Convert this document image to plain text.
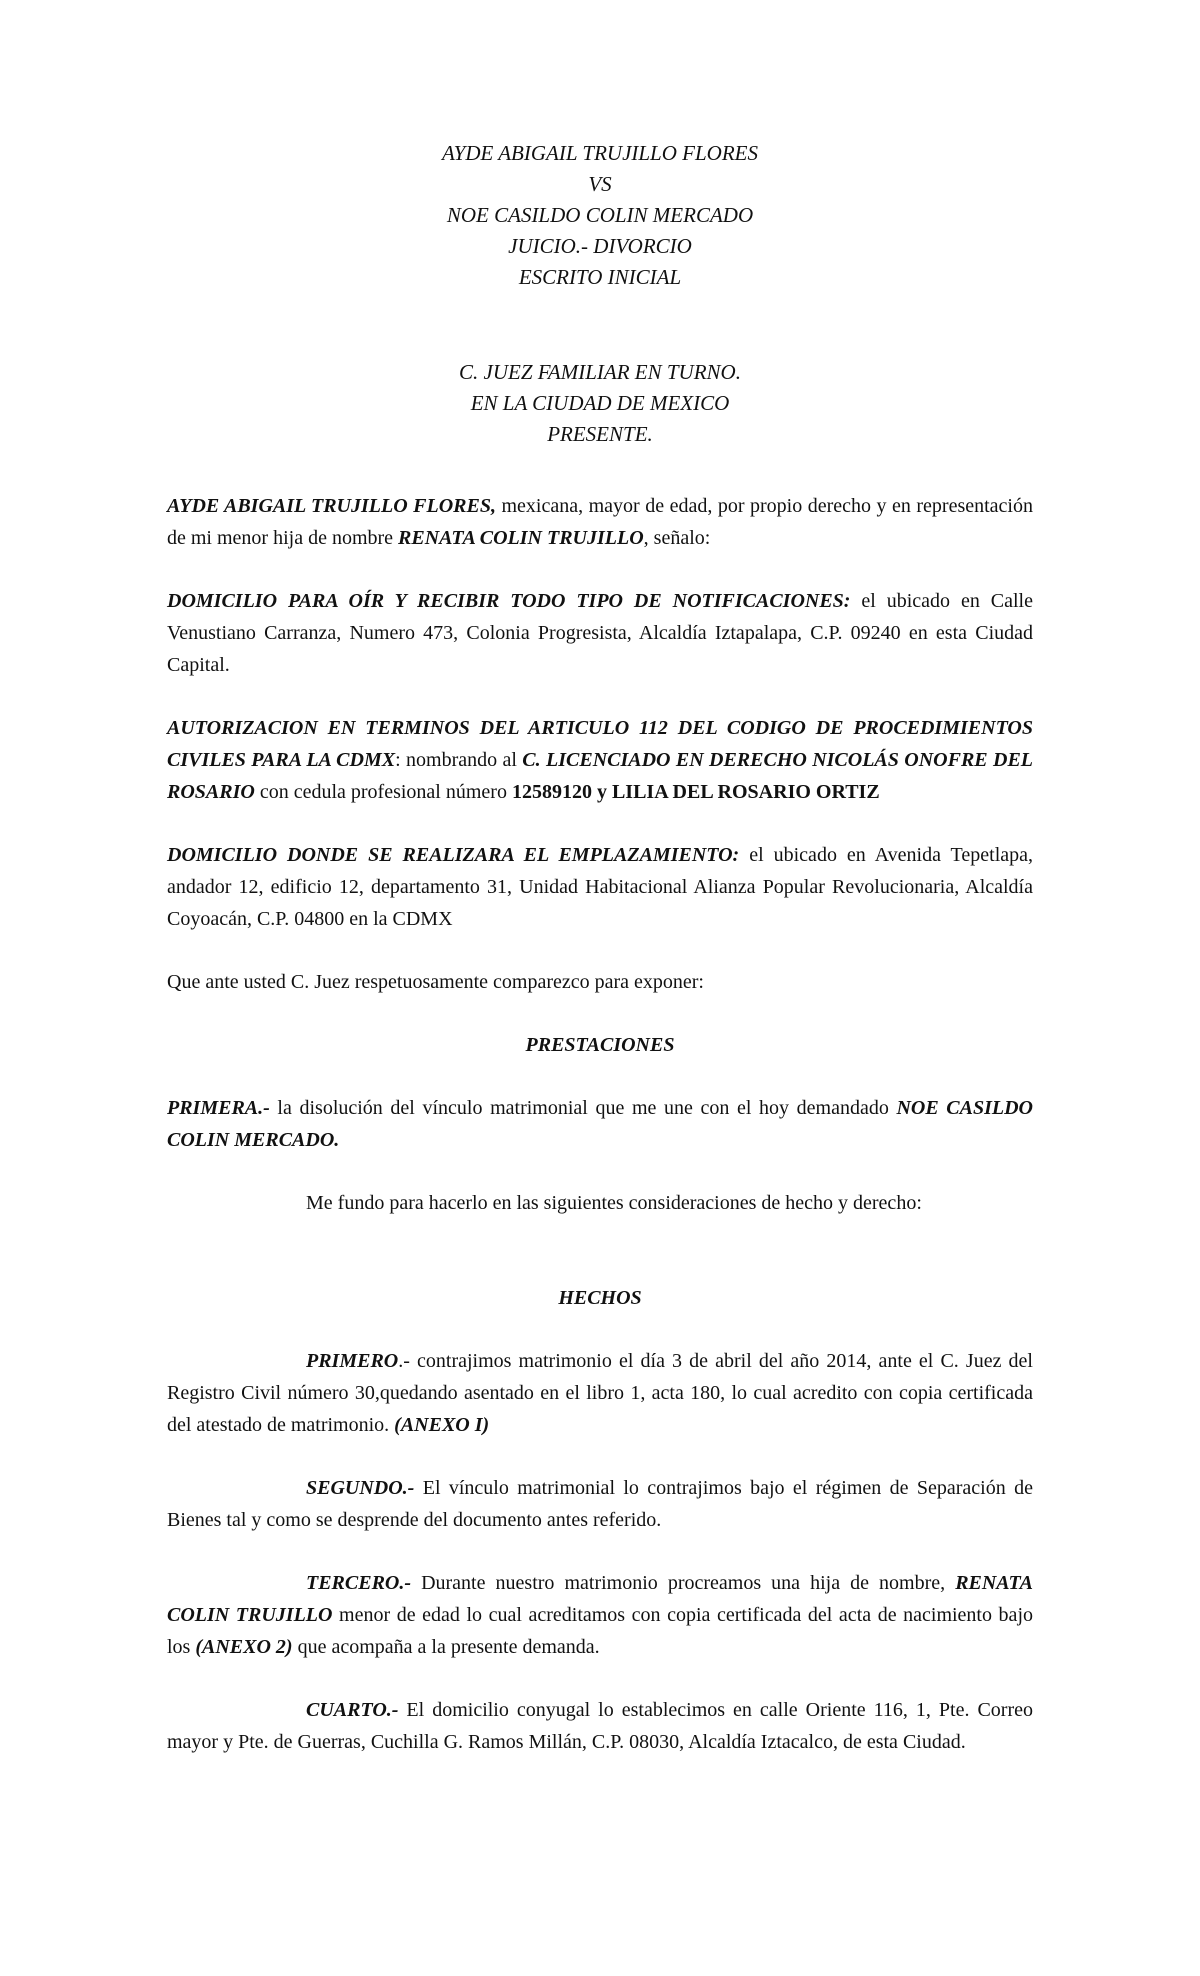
AYDE ABIGAIL TRUJILLO FLORES
VS
NOE CASILDO COLIN MERCADO
JUICIO.- DIVORCIO
ESCRITO INICIAL
C. JUEZ FAMILIAR EN TURNO.
EN LA CIUDAD DE MEXICO
PRESENTE.

AYDE ABIGAIL TRUJILLO FLORES, mexicana, mayor de edad, por propio derecho y en representación de mi menor hija de nombre RENATA COLIN TRUJILLO, señalo:

DOMICILIO PARA OÍR Y RECIBIR TODO TIPO DE NOTIFICACIONES: el ubicado en Calle Venustiano Carranza, Numero 473, Colonia Progresista, Alcaldía Iztapalapa, C.P. 09240 en esta Ciudad Capital.

AUTORIZACION EN TERMINOS DEL ARTICULO 112 DEL CODIGO DE PROCEDIMIENTOS CIVILES PARA LA CDMX: nombrando al C. LICENCIADO EN DERECHO NICOLÁS ONOFRE DEL ROSARIO con cedula profesional número 12589120 y LILIA DEL ROSARIO ORTIZ

DOMICILIO DONDE SE REALIZARA EL EMPLAZAMIENTO: el ubicado en Avenida Tepetlapa, andador 12, edificio 12, departamento 31, Unidad Habitacional Alianza Popular Revolucionaria, Alcaldía Coyoacán, C.P. 04800 en la CDMX

Que ante usted C. Juez respetuosamente comparezco para exponer:

PRESTACIONES

PRIMERA.- la disolución del vínculo matrimonial que me une con el hoy demandado NOE CASILDO COLIN MERCADO.

Me fundo para hacerlo en las siguientes consideraciones de hecho y derecho:

HECHOS

PRIMERO.- contrajimos matrimonio el día 3 de abril del año 2014, ante el C. Juez del Registro Civil número 30,quedando asentado en el libro 1, acta 180, lo cual acredito con copia certificada del atestado de matrimonio. (ANEXO I)

SEGUNDO.- El vínculo matrimonial lo contrajimos bajo el régimen de Separación de Bienes tal y como se desprende del documento antes referido.

TERCERO.- Durante nuestro matrimonio procreamos una hija de nombre, RENATA COLIN TRUJILLO menor de edad lo cual acreditamos con copia certificada del acta de nacimiento bajo los (ANEXO 2) que acompaña a la presente demanda.

CUARTO.- El domicilio conyugal lo establecimos en calle Oriente 116, 1, Pte. Correo mayor y Pte. de Guerras, Cuchilla G. Ramos Millán, C.P. 08030, Alcaldía Iztacalco, de esta Ciudad.
